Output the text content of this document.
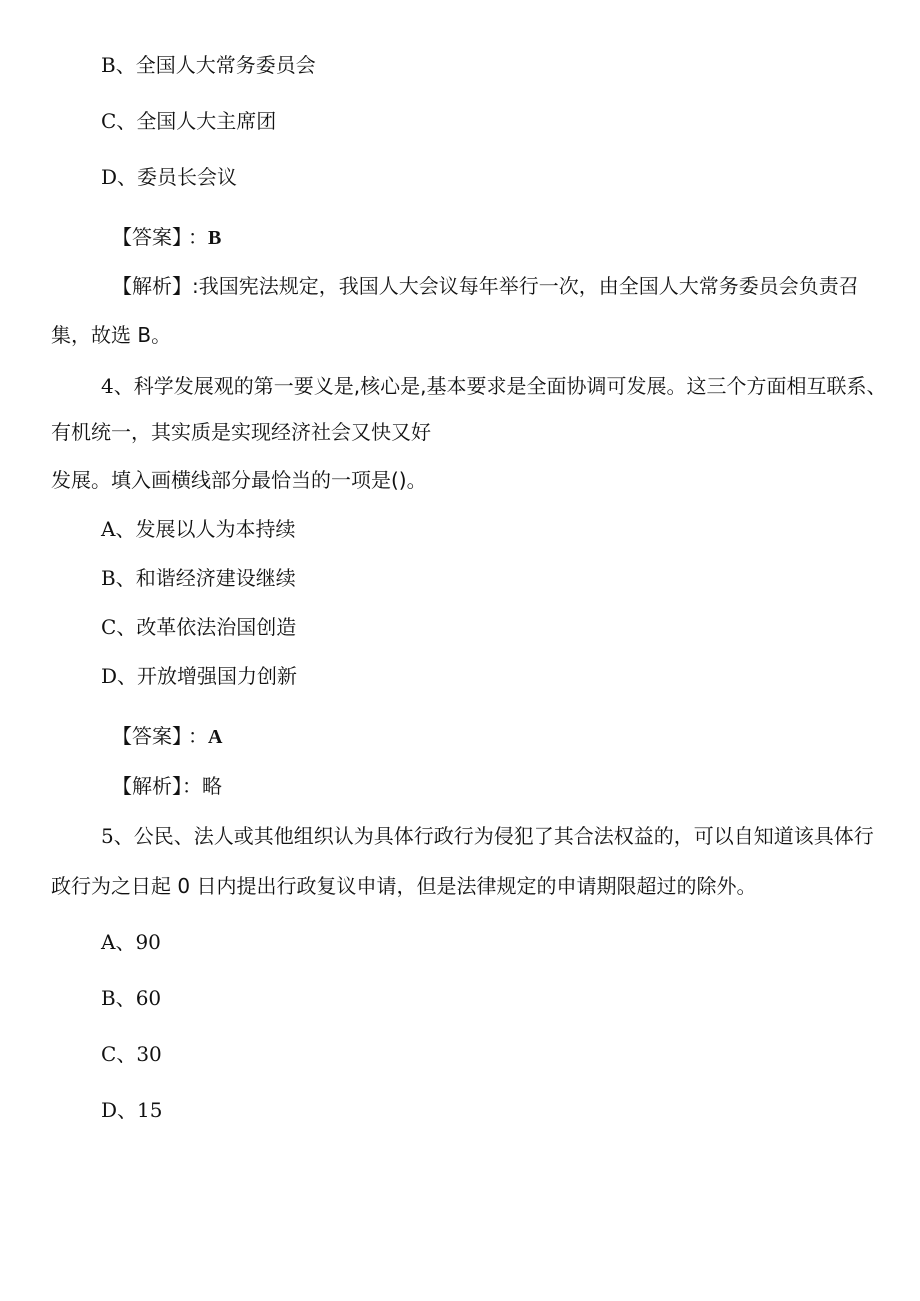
B、全国人大常务委员会
C、全国人大主席团
D、委员长会议
【答案】 ：B
【解析】:我国宪法规定，我国人大会议每年举行一次，由全国人大常务委员会负责召
集，故选 B。
4、科学发展观的第一要义是,核心是,基本要求是全面协调可发展。这三个方面相互联系、
有机统一，其实质是实现经济社会又快又好
发展。填入画横线部分最恰当的一项是()。
A、发展以人为本持续
B、和谐经济建设继续
C、改革依法治国创造
D、开放增强国力创新
【答案】 ：A
【解析】：略
5、公民、法人或其他组织认为具体行政行为侵犯了其合法权益的，可以自知道该具体行
政行为之日起 0 日内提出行政复议申请，但是法律规定的申请期限超过的除外。
A、90
B、60
C、30
D、15
